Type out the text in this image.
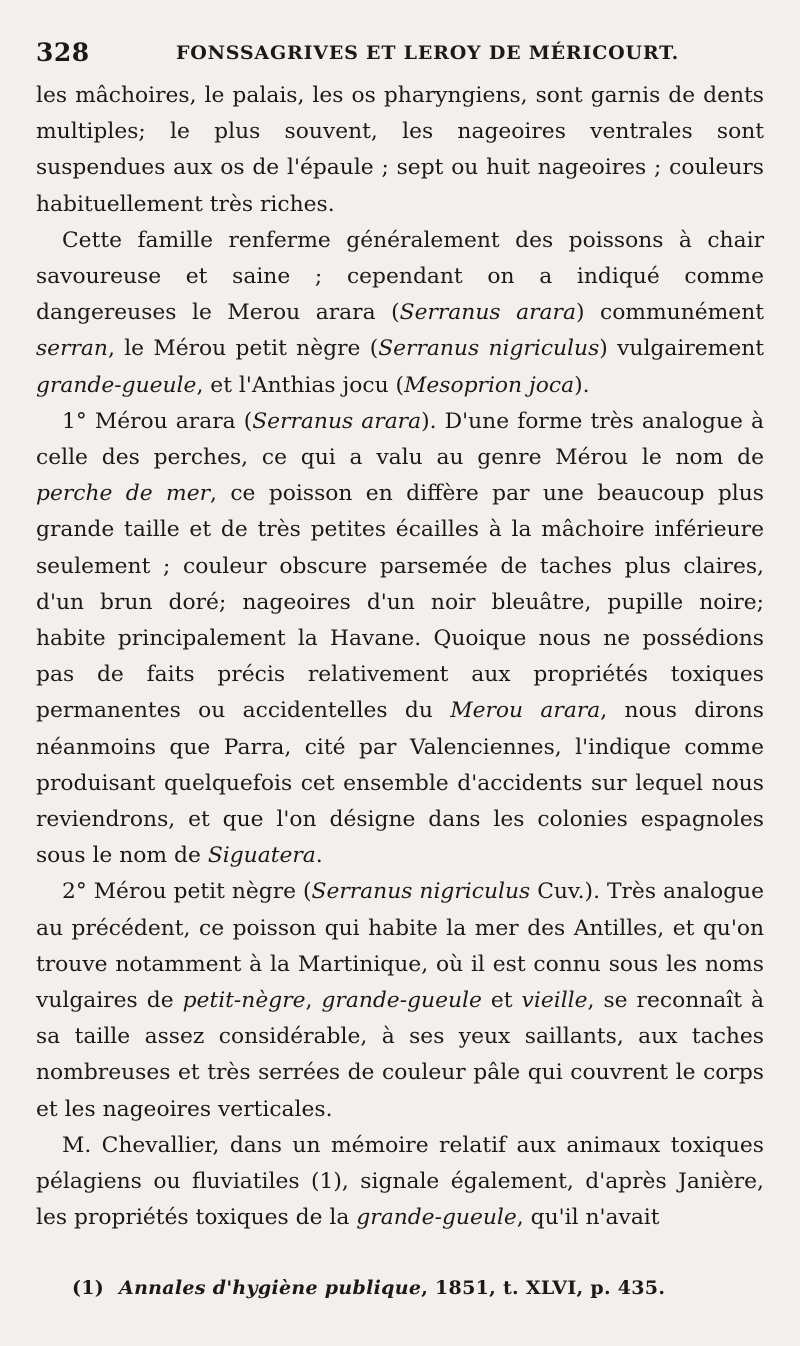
328	FONSSAGRIVES ET LEROY DE MÉRICOURT.

les mâchoires, le palais, les os pharyngiens, sont garnis de dents multiples; le plus souvent, les nageoires ventrales sont suspendues aux os de l'épaule ; sept ou huit nageoires ; couleurs habituellement très riches.

Cette famille renferme généralement des poissons à chair savoureuse et saine ; cependant on a indiqué comme dangereuses le Merou arara (Serranus arara) communément serran, le Mérou petit nègre (Serranus nigriculus) vulgairement grande-gueule, et l'Anthias jocu (Mesoprion joca).

1° Mérou arara (Serranus arara). D'une forme très analogue à celle des perches, ce qui a valu au genre Mérou le nom de perche de mer, ce poisson en diffère par une beaucoup plus grande taille et de très petites écailles à la mâchoire inférieure seulement ; couleur obscure parsemée de taches plus claires, d'un brun doré; nageoires d'un noir bleuâtre, pupille noire; habite principalement la Havane. Quoique nous ne possédions pas de faits précis relativement aux propriétés toxiques permanentes ou accidentelles du Merou arara, nous dirons néanmoins que Parra, cité par Valenciennes, l'indique comme produisant quelquefois cet ensemble d'accidents sur lequel nous reviendrons, et que l'on désigne dans les colonies espagnoles sous le nom de Siguatera.

2° Mérou petit nègre (Serranus nigriculus Cuv.). Très analogue au précédent, ce poisson qui habite la mer des Antilles, et qu'on trouve notamment à la Martinique, où il est connu sous les noms vulgaires de petit-nègre, grande-gueule et vieille, se reconnaît à sa taille assez considérable, à ses yeux saillants, aux taches nombreuses et très serrées de couleur pâle qui couvrent le corps et les nageoires verticales.

M. Chevallier, dans un mémoire relatif aux animaux toxiques pélagiens ou fluviatiles (1), signale également, d'après Janière, les propriétés toxiques de la grande-gueule, qu'il n'avait

(1) Annales d'hygiène publique, 1851, t. XLVI, p. 435.
